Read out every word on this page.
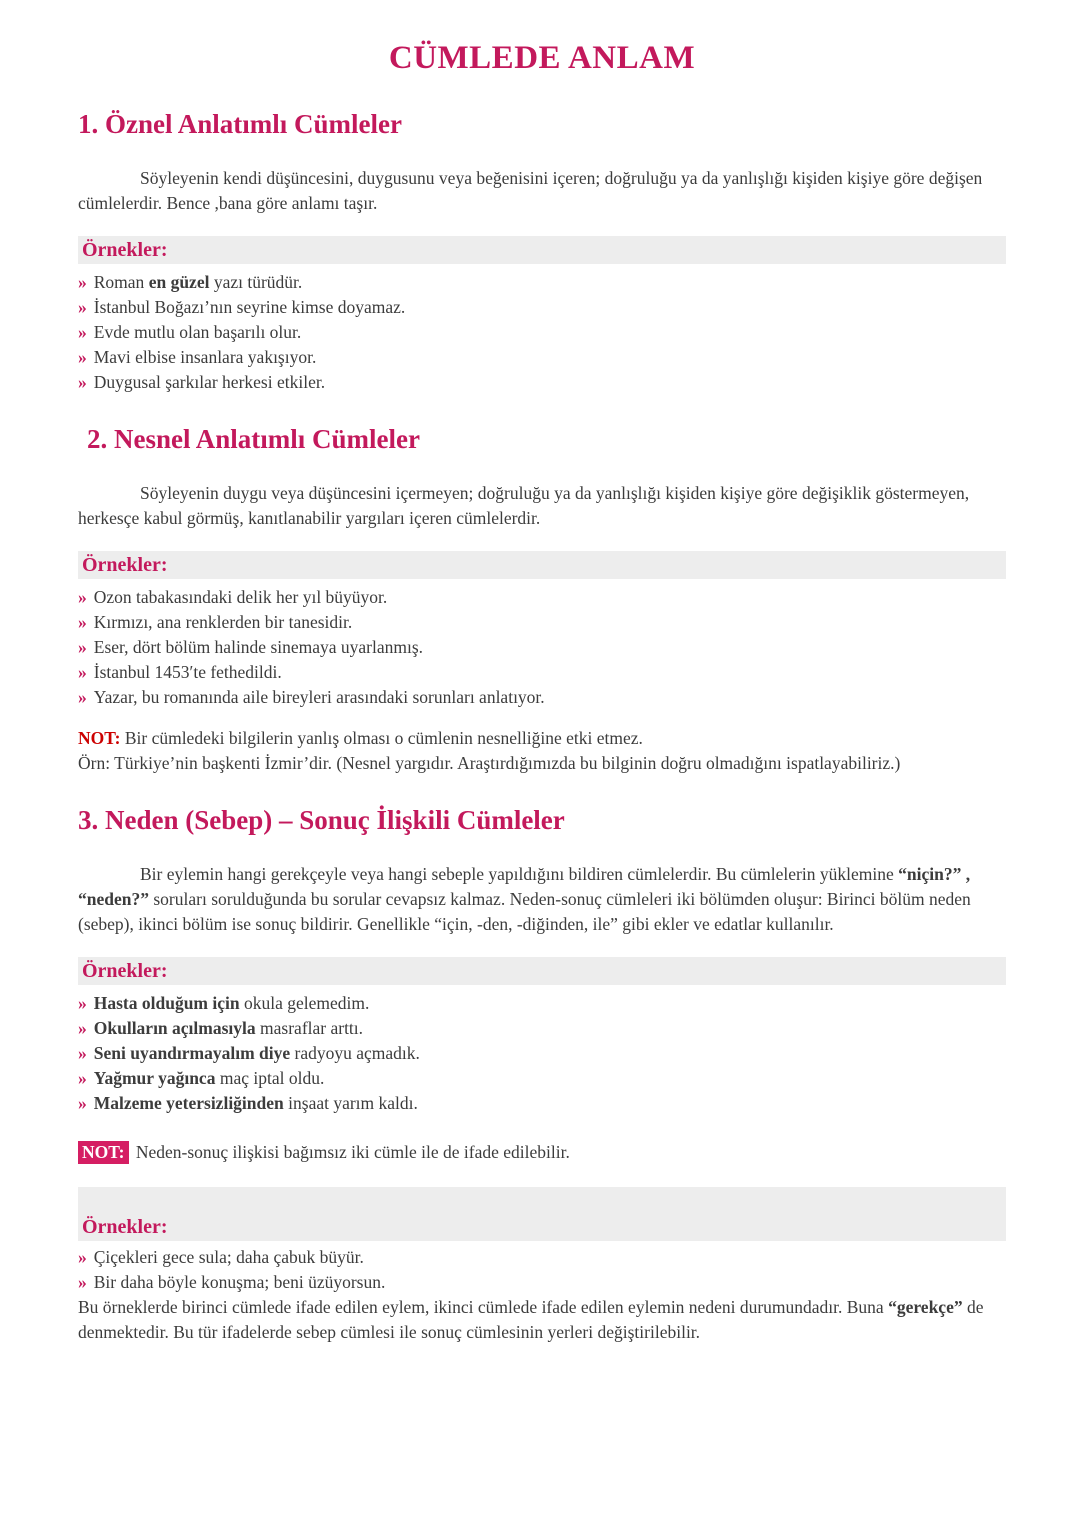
CÜMLEDE ANLAM
1. Öznel Anlatımlı Cümleler

Söyleyenin kendi düşüncesini, duygusunu veya beğenisini içeren; doğruluğu ya da yanlışlığı kişiden kişiye göre değişen cümlelerdir. Bence ,bana göre anlamı taşır.

Örnekler:
» Roman en güzel yazı türüdür.
» İstanbul Boğazı’nın seyrine kimse doyamaz.
» Evde mutlu olan başarılı olur.
» Mavi elbise insanlara yakışıyor.
» Duygusal şarkılar herkesi etkiler.
2. Nesnel Anlatımlı Cümleler

Söyleyenin duygu veya düşüncesini içermeyen; doğruluğu ya da yanlışlığı kişiden kişiye göre değişiklik göstermeyen, herkesçe kabul görmüş, kanıtlanabilir yargıları içeren cümlelerdir.

Örnekler:
» Ozon tabakasındaki delik her yıl büyüyor.
» Kırmızı, ana renklerden bir tanesidir.
» Eser, dört bölüm halinde sinemaya uyarlanmış.
» İstanbul 1453′te fethedildi.
» Yazar, bu romanında aile bireyleri arasındaki sorunları anlatıyor.

NOT: Bir cümledeki bilgilerin yanlış olması o cümlenin nesnelliğine etki etmez.

Örn: Türkiye’nin başkenti İzmir’dir. (Nesnel yargıdır. Araştırdığımızda bu bilginin doğru olmadığını ispatlayabiliriz.)

3. Neden (Sebep) – Sonuç İlişkili Cümleler

Bir eylemin hangi gerekçeyle veya hangi sebeple yapıldığını bildiren cümlelerdir. Bu cümlelerin yüklemine “niçin?” , “neden?” soruları sorulduğunda bu sorular cevapsız kalmaz. Neden-sonuç cümleleri iki bölümden oluşur: Birinci bölüm neden (sebep), ikinci bölüm ise sonuç bildirir. Genellikle “için, -den, -diğinden, ile” gibi ekler ve edatlar kullanılır.

Örnekler:
» Hasta olduğum için okula gelemedim.
» Okulların açılmasıyla masraflar arttı.
» Seni uyandırmayalım diye radyoyu açmadık.
» Yağmur yağınca maç iptal oldu.
» Malzeme yetersizliğinden inşaat yarım kaldı.

NOT: Neden-sonuç ilişkisi bağımsız iki cümle ile de ifade edilebilir.

Örnekler:
» Çiçekleri gece sula; daha çabuk büyür.
» Bir daha böyle konuşma; beni üzüyorsun.

Bu örneklerde birinci cümlede ifade edilen eylem, ikinci cümlede ifade edilen eylemin nedeni durumundadır. Buna “gerekçe” de denmektedir. Bu tür ifadelerde sebep cümlesi ile sonuç cümlesinin yerleri değiştirilebilir.
